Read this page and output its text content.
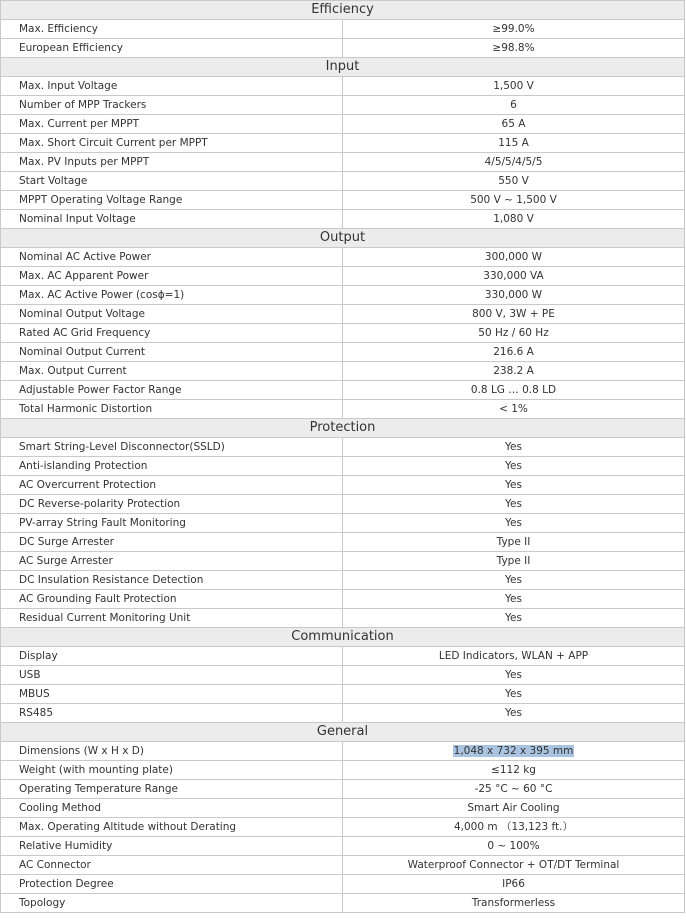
Efficiency	
Max. Efficiency	≥99.0%
European Efficiency	≥98.8%
Input	
Max. Input Voltage	1,500 V
Number of MPP Trackers	6
Max. Current per MPPT	65 A
Max. Short Circuit Current per MPPT	115 A
Max. PV Inputs per MPPT	4/5/5/4/5/5
Start Voltage	550 V
MPPT Operating Voltage Range	500 V ~ 1,500 V
Nominal Input Voltage	1,080 V
Output	
Nominal AC Active Power	300,000 W
Max. AC Apparent Power	330,000 VA
Max. AC Active Power (cosϕ=1)	330,000 W
Nominal Output Voltage	800 V, 3W + PE
Rated AC Grid Frequency	50 Hz / 60 Hz
Nominal Output Current	216.6 A
Max. Output Current	238.2 A
Adjustable Power Factor Range	0.8 LG … 0.8 LD
Total Harmonic Distortion	< 1%
Protection	
Smart String-Level Disconnector(SSLD)	Yes
Anti-islanding Protection	Yes
AC Overcurrent Protection	Yes
DC Reverse-polarity Protection	Yes
PV-array String Fault Monitoring	Yes
DC Surge Arrester	Type II
AC Surge Arrester	Type II
DC Insulation Resistance Detection	Yes
AC Grounding Fault Protection	Yes
Residual Current Monitoring Unit	Yes
Communication	
Display	LED Indicators, WLAN + APP
USB	Yes
MBUS	Yes
RS485	Yes
General	
Dimensions (W x H x D)	1,048 x 732 x 395 mm
Weight (with mounting plate)	≤112 kg
Operating Temperature Range	-25 °C ~ 60 °C
Cooling Method	Smart Air Cooling
Max. Operating Altitude without Derating	4,000 m （13,123 ft.）
Relative Humidity	0 ~ 100%
AC Connector	Waterproof Connector + OT/DT Terminal
Protection Degree	IP66
Topology	Transformerless
